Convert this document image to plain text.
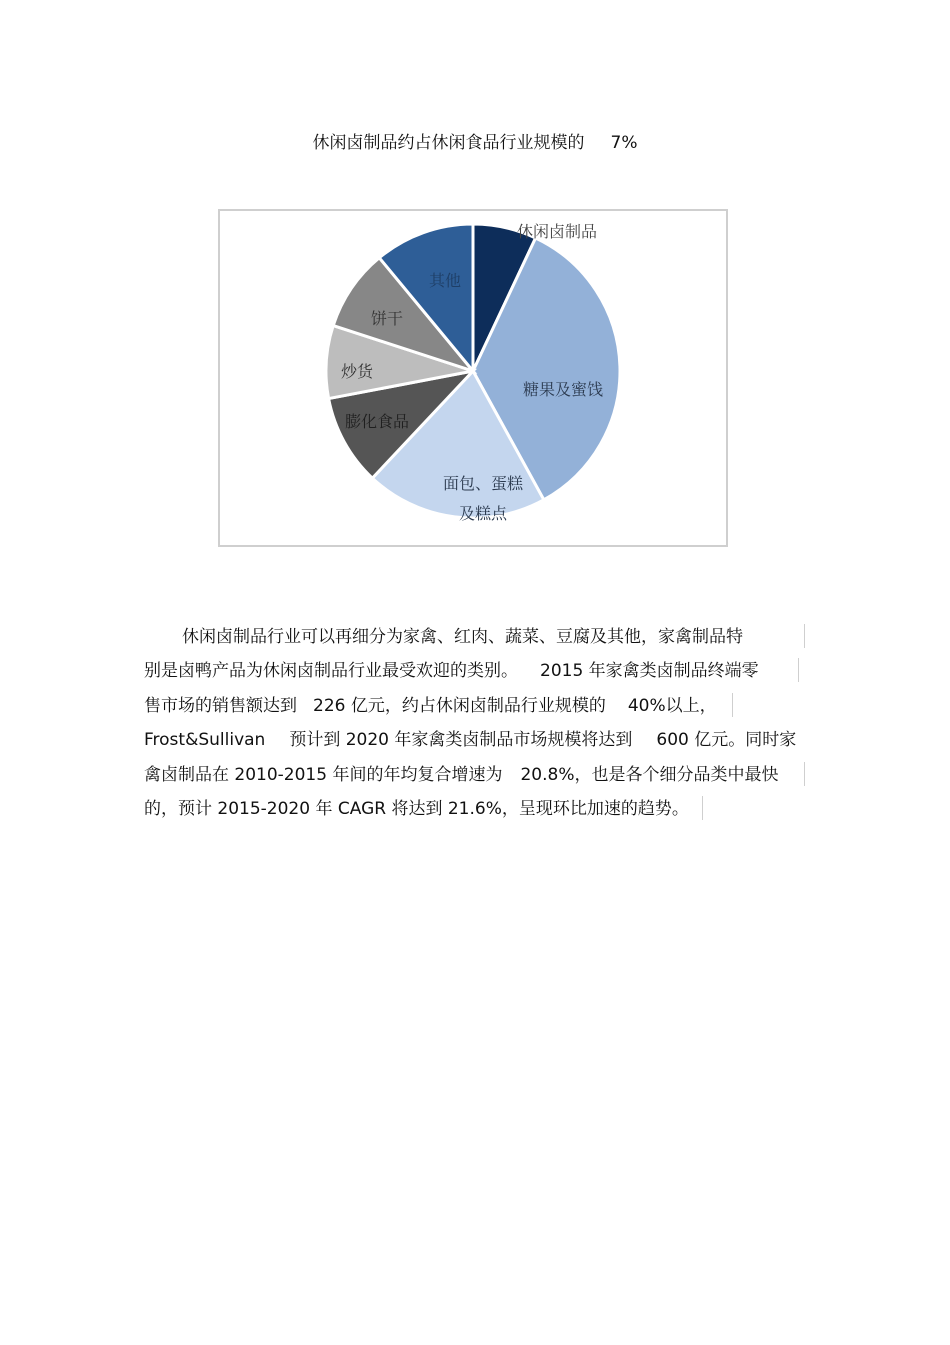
休闲卤制品约占休闲食品行业规模的 7%
休闲卤制品
糖果及蜜饯
面包、蛋糕及糕点
膨化食品
炒货
饼干
其他
休闲卤制品行业可以再细分为家禽、红肉、蔬菜、豆腐及其他，家禽制品特
别是卤鸭产品为休闲卤制品行业最受欢迎的类别。 2015 年家禽类卤制品终端零
售市场的销售额达到 226 亿元，约占休闲卤制品行业规模的 40%以上，
Frost&Sullivan 预计到 2020 年家禽类卤制品市场规模将达到 600 亿元。同时家
禽卤制品在 2010-2015 年间的年均复合增速为 20.8%，也是各个细分品类中最快
的，预计 2015-2020 年 CAGR 将达到 21.6%，呈现环比加速的趋势。
